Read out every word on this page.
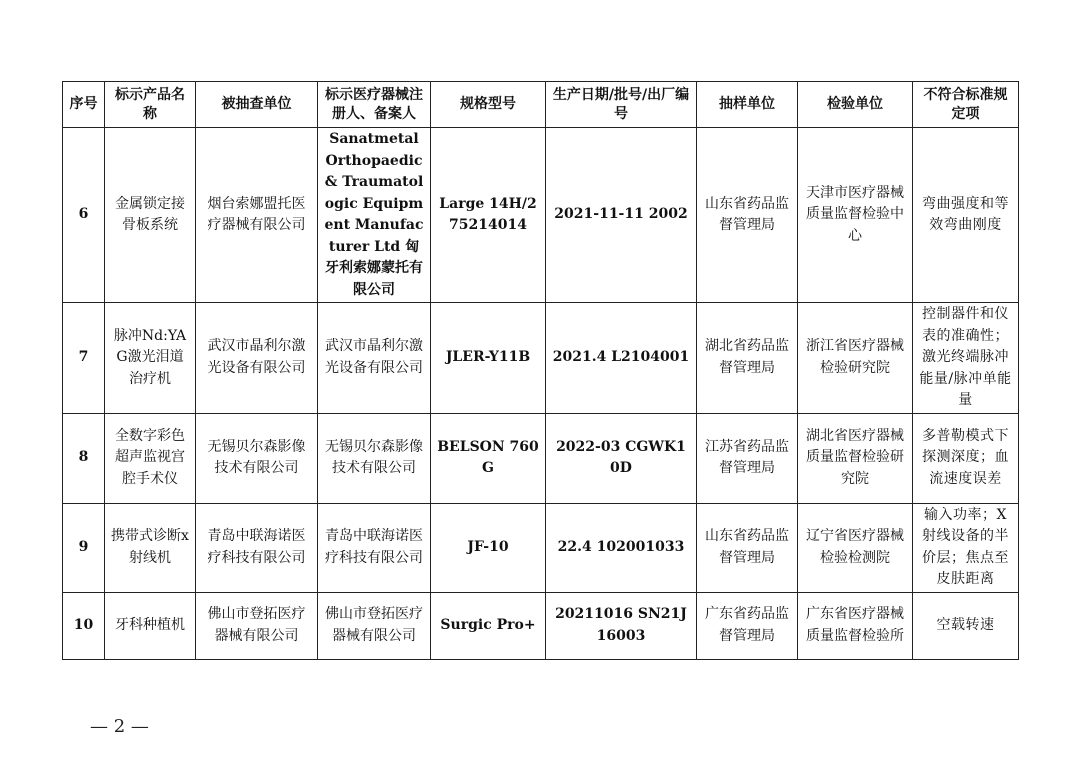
序号	标示产品名称	被抽查单位	标示医疗器械注册人、备案人	规格型号	生产日期/批号/出厂编号	抽样单位	检验单位	不符合标准规定项
6	金属锁定接骨板系统	烟台索娜盟托医疗器械有限公司	Sanatmetal Orthopaedic & Traumatologic Equipment Manufacturer Ltd 匈牙利索娜蒙托有限公司	Large 14H/275214014	2021-11-11 2002	山东省药品监督管理局	天津市医疗器械质量监督检验中心	弯曲强度和等效弯曲刚度
7	脉冲Nd:YAG激光泪道治疗机	武汉市晶利尔激光设备有限公司	武汉市晶利尔激光设备有限公司	JLER-Y11B	2021.4 L2104001	湖北省药品监督管理局	浙江省医疗器械检验研究院	控制器件和仪表的准确性；激光终端脉冲能量/脉冲单能量
8	全数字彩色超声监视宫腔手术仪	无锡贝尔森影像技术有限公司	无锡贝尔森影像技术有限公司	BELSON 760G	2022-03 CGWK10D	江苏省药品监督管理局	湖北省医疗器械质量监督检验研究院	多普勒模式下探测深度；血流速度误差
9	携带式诊断x射线机	青岛中联海诺医疗科技有限公司	青岛中联海诺医疗科技有限公司	JF-10	22.4 102001033	山东省药品监督管理局	辽宁省医疗器械检验检测院	输入功率；X射线设备的半价层；焦点至皮肤距离
10	牙科种植机	佛山市登拓医疗器械有限公司	佛山市登拓医疗器械有限公司	Surgic Pro+	20211016 SN21J16003	广东省药品监督管理局	广东省医疗器械质量监督检验所	空载转速
— 2 —
